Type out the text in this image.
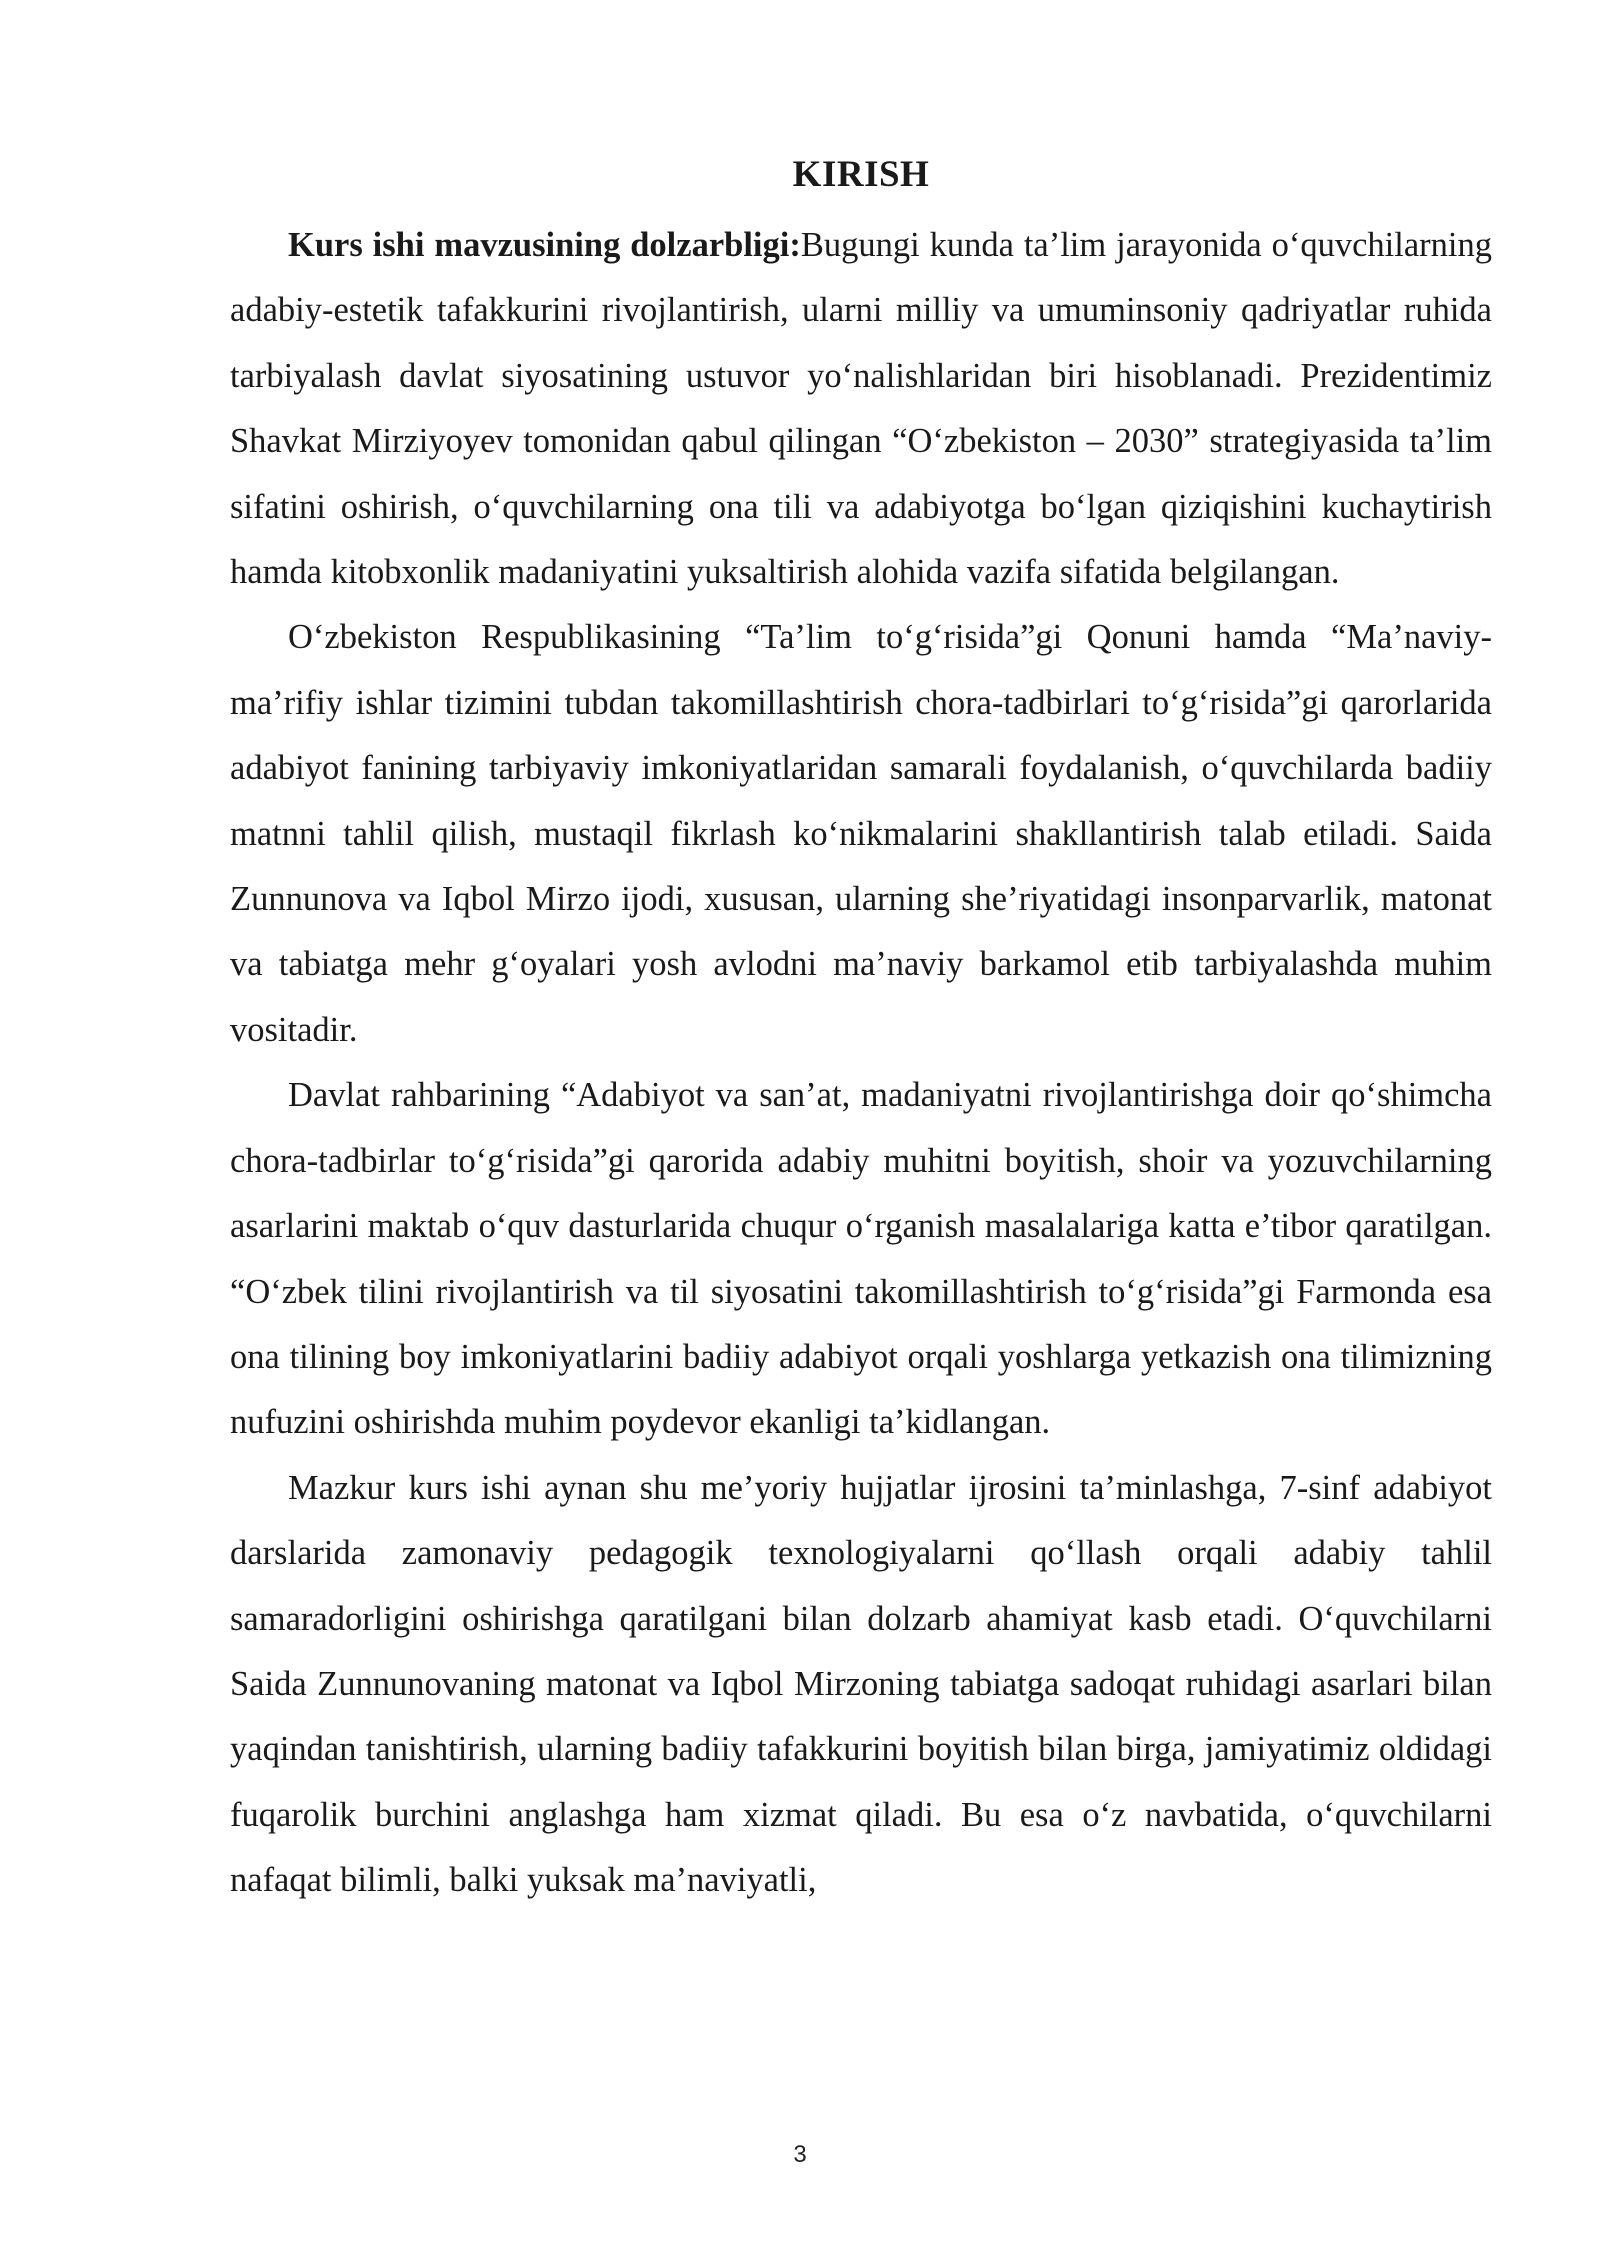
KIRISH

Kurs ishi mavzusining dolzarbligi:Bugungi kunda ta’lim jarayonida o‘quvchilarning adabiy-estetik tafakkurini rivojlantirish, ularni milliy va umuminsoniy qadriyatlar ruhida tarbiyalash davlat siyosatining ustuvor yo‘nalishlaridan biri hisoblanadi. Prezidentimiz Shavkat Mirziyoyev tomonidan qabul qilingan “O‘zbekiston – 2030” strategiyasida ta’lim sifatini oshirish, o‘quvchilarning ona tili va adabiyotga bo‘lgan qiziqishini kuchaytirish hamda kitobxonlik madaniyatini yuksaltirish alohida vazifa sifatida belgilangan.

O‘zbekiston Respublikasining “Ta’lim to‘g‘risida”gi Qonuni hamda “Ma’naviy-ma’rifiy ishlar tizimini tubdan takomillashtirish chora-tadbirlari to‘g‘risida”gi qarorlarida adabiyot fanining tarbiyaviy imkoniyatlaridan samarali foydalanish, o‘quvchilarda badiiy matnni tahlil qilish, mustaqil fikrlash ko‘nikmalarini shakllantirish talab etiladi. Saida Zunnunova va Iqbol Mirzo ijodi, xususan, ularning she’riyatidagi insonparvarlik, matonat va tabiatga mehr g‘oyalari yosh avlodni ma’naviy barkamol etib tarbiyalashda muhim vositadir.

Davlat rahbarining “Adabiyot va san’at, madaniyatni rivojlantirishga doir qo‘shimcha chora-tadbirlar to‘g‘risida”gi qarorida adabiy muhitni boyitish, shoir va yozuvchilarning asarlarini maktab o‘quv dasturlarida chuqur o‘rganish masalalariga katta e’tibor qaratilgan. “O‘zbek tilini rivojlantirish va til siyosatini takomillashtirish to‘g‘risida”gi Farmonda esa ona tilining boy imkoniyatlarini badiiy adabiyot orqali yoshlarga yetkazish ona tilimizning nufuzini oshirishda muhim poydevor ekanligi ta’kidlangan.

Mazkur kurs ishi aynan shu me’yoriy hujjatlar ijrosini ta’minlashga, 7-sinf adabiyot darslarida zamonaviy pedagogik texnologiyalarni qo‘llash orqali adabiy tahlil samaradorligini oshirishga qaratilgani bilan dolzarb ahamiyat kasb etadi. O‘quvchilarni Saida Zunnunovaning matonat va Iqbol Mirzoning tabiatga sadoqat ruhidagi asarlari bilan yaqindan tanishtirish, ularning badiiy tafakkurini boyitish bilan birga, jamiyatimiz oldidagi fuqarolik burchini anglashga ham xizmat qiladi. Bu esa o‘z navbatida, o‘quvchilarni nafaqat bilimli, balki yuksak ma’naviyatli,

3
